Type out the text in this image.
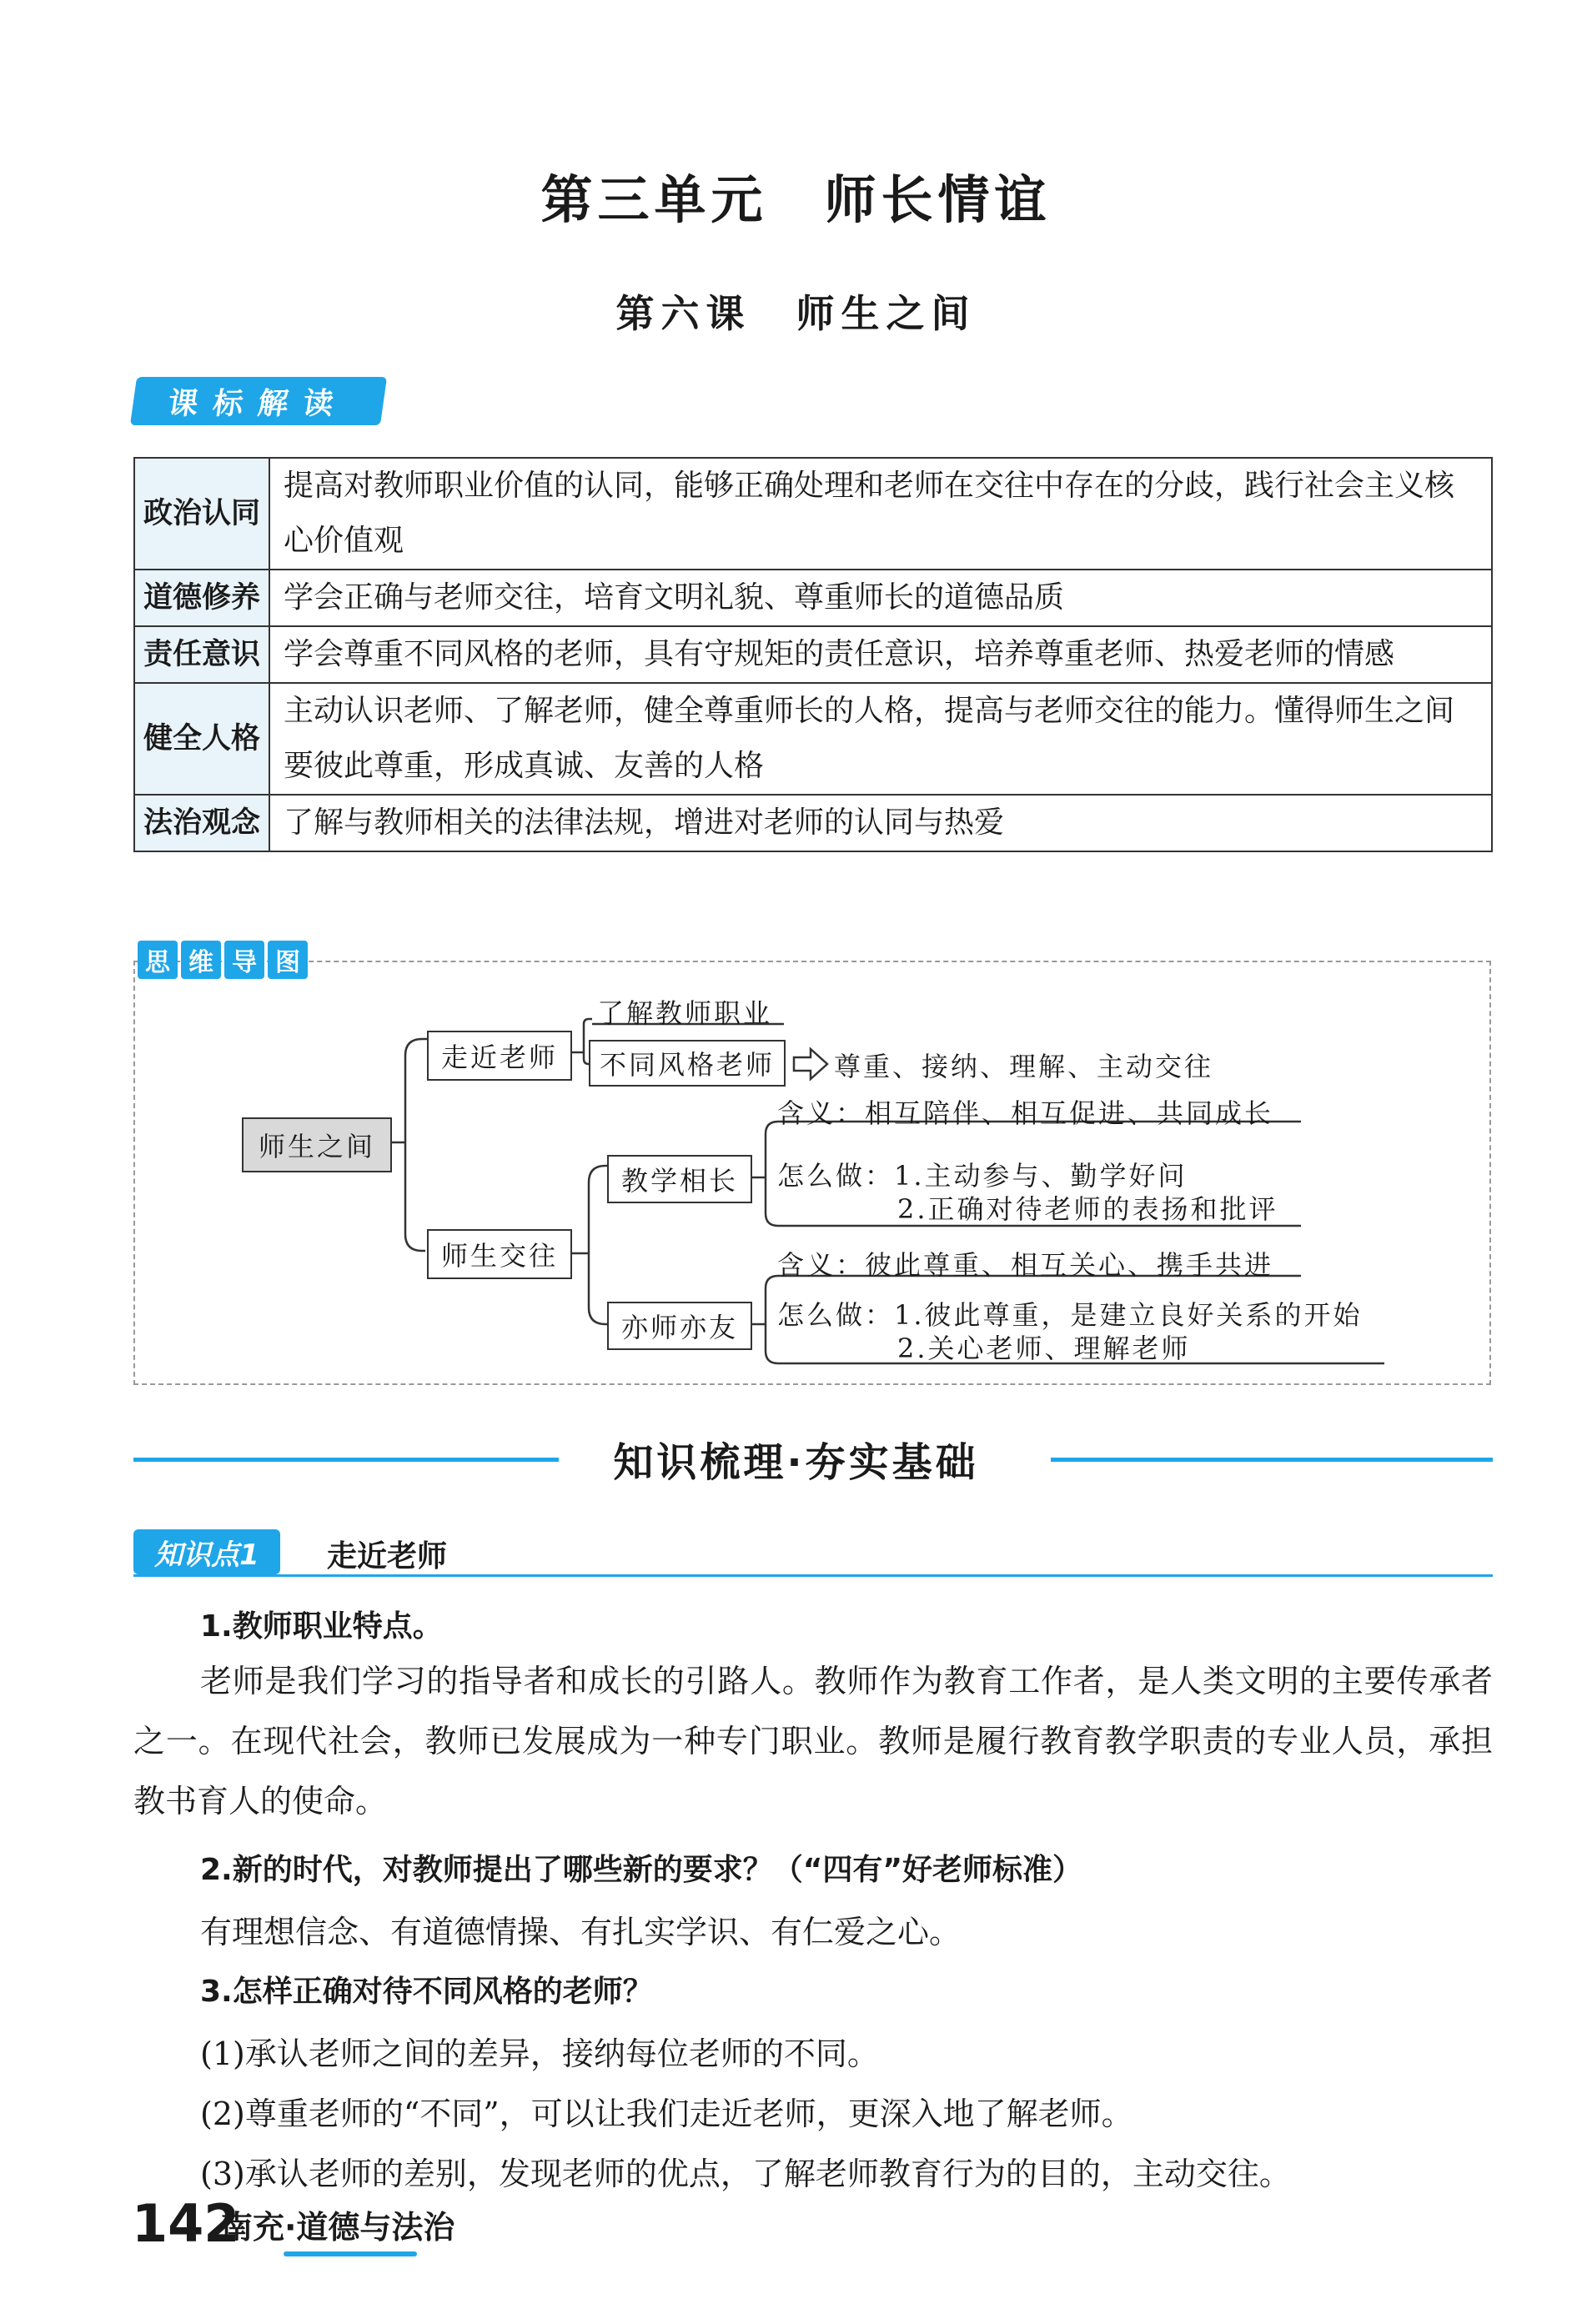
第三单元　师长情谊
第六课　师生之间
课标解读
政治认同	提高对教师职业价值的认同，能够正确处理和老师在交往中存在的分歧，践行社会主义核心价值观
道德修养	学会正确与老师交往，培育文明礼貌、尊重师长的道德品质
责任意识	学会尊重不同风格的老师，具有守规矩的责任意识，培养尊重老师、热爱老师的情感
健全人格	主动认识老师、了解老师，健全尊重师长的人格，提高与老师交往的能力。懂得师生之间要彼此尊重，形成真诚、友善的人格
法治观念	了解与教师相关的法律法规，增进对老师的认同与热爱
思 维 导 图
师生之间
走近老师
了解教师职业
不同风格老师	尊重、接纳、理解、主动交往
师生交往
教学相长
含义：相互陪伴、相互促进、共同成长
怎么做：1.主动参与、勤学好问
2.正确对待老师的表扬和批评
亦师亦友
含义：彼此尊重、相互关心、携手共进
怎么做：1.彼此尊重，是建立良好关系的开始
2.关心老师、理解老师
知识梳理·夯实基础
知识点1	走近老师
1.教师职业特点。
老师是我们学习的指导者和成长的引路人。教师作为教育工作者，是人类文明的主要传承者之一。在现代社会，教师已发展成为一种专门职业。教师是履行教育教学职责的专业人员，承担教书育人的使命。
2.新的时代，对教师提出了哪些新的要求？（“四有”好老师标准）
有理想信念、有道德情操、有扎实学识、有仁爱之心。
3.怎样正确对待不同风格的老师？
(1)承认老师之间的差异，接纳每位老师的不同。
(2)尊重老师的“不同”，可以让我们走近老师，更深入地了解老师。
(3)承认老师的差别，发现老师的优点，了解老师教育行为的目的，主动交往。
142
南充·道德与法治
